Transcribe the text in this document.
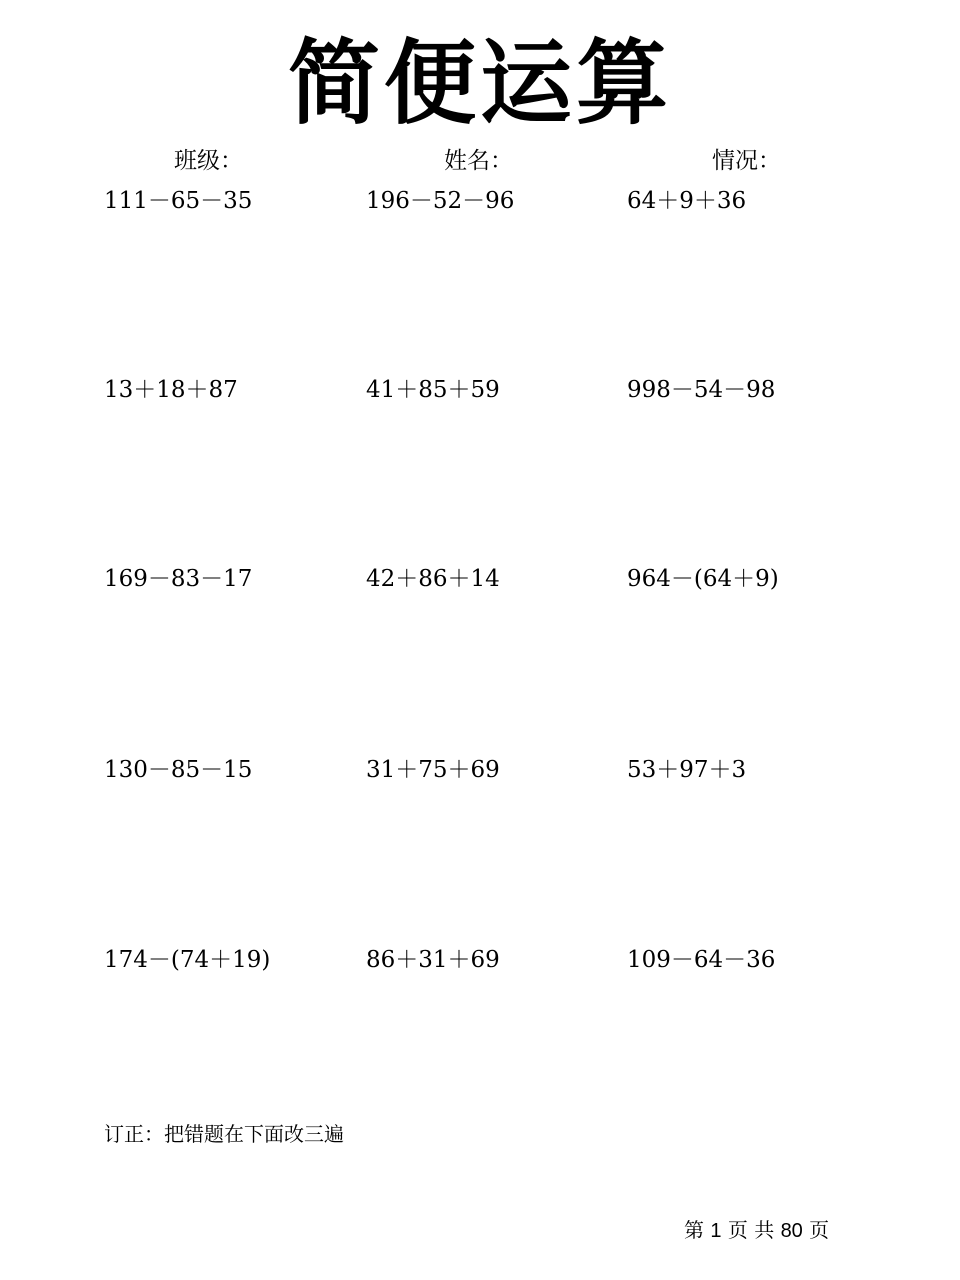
简便运算
班级：	姓名：	情况：
111－65－35	196－52－96	64＋9＋36
13＋18＋87	41＋85＋59	998－54－98
169－83－17	42＋86＋14	964－(64＋9)
130－85－15	31＋75＋69	53＋97＋3
174－(74＋19)	86＋31＋69	109－64－36
订正：把错题在下面改三遍
第 1 页 共 80 页
